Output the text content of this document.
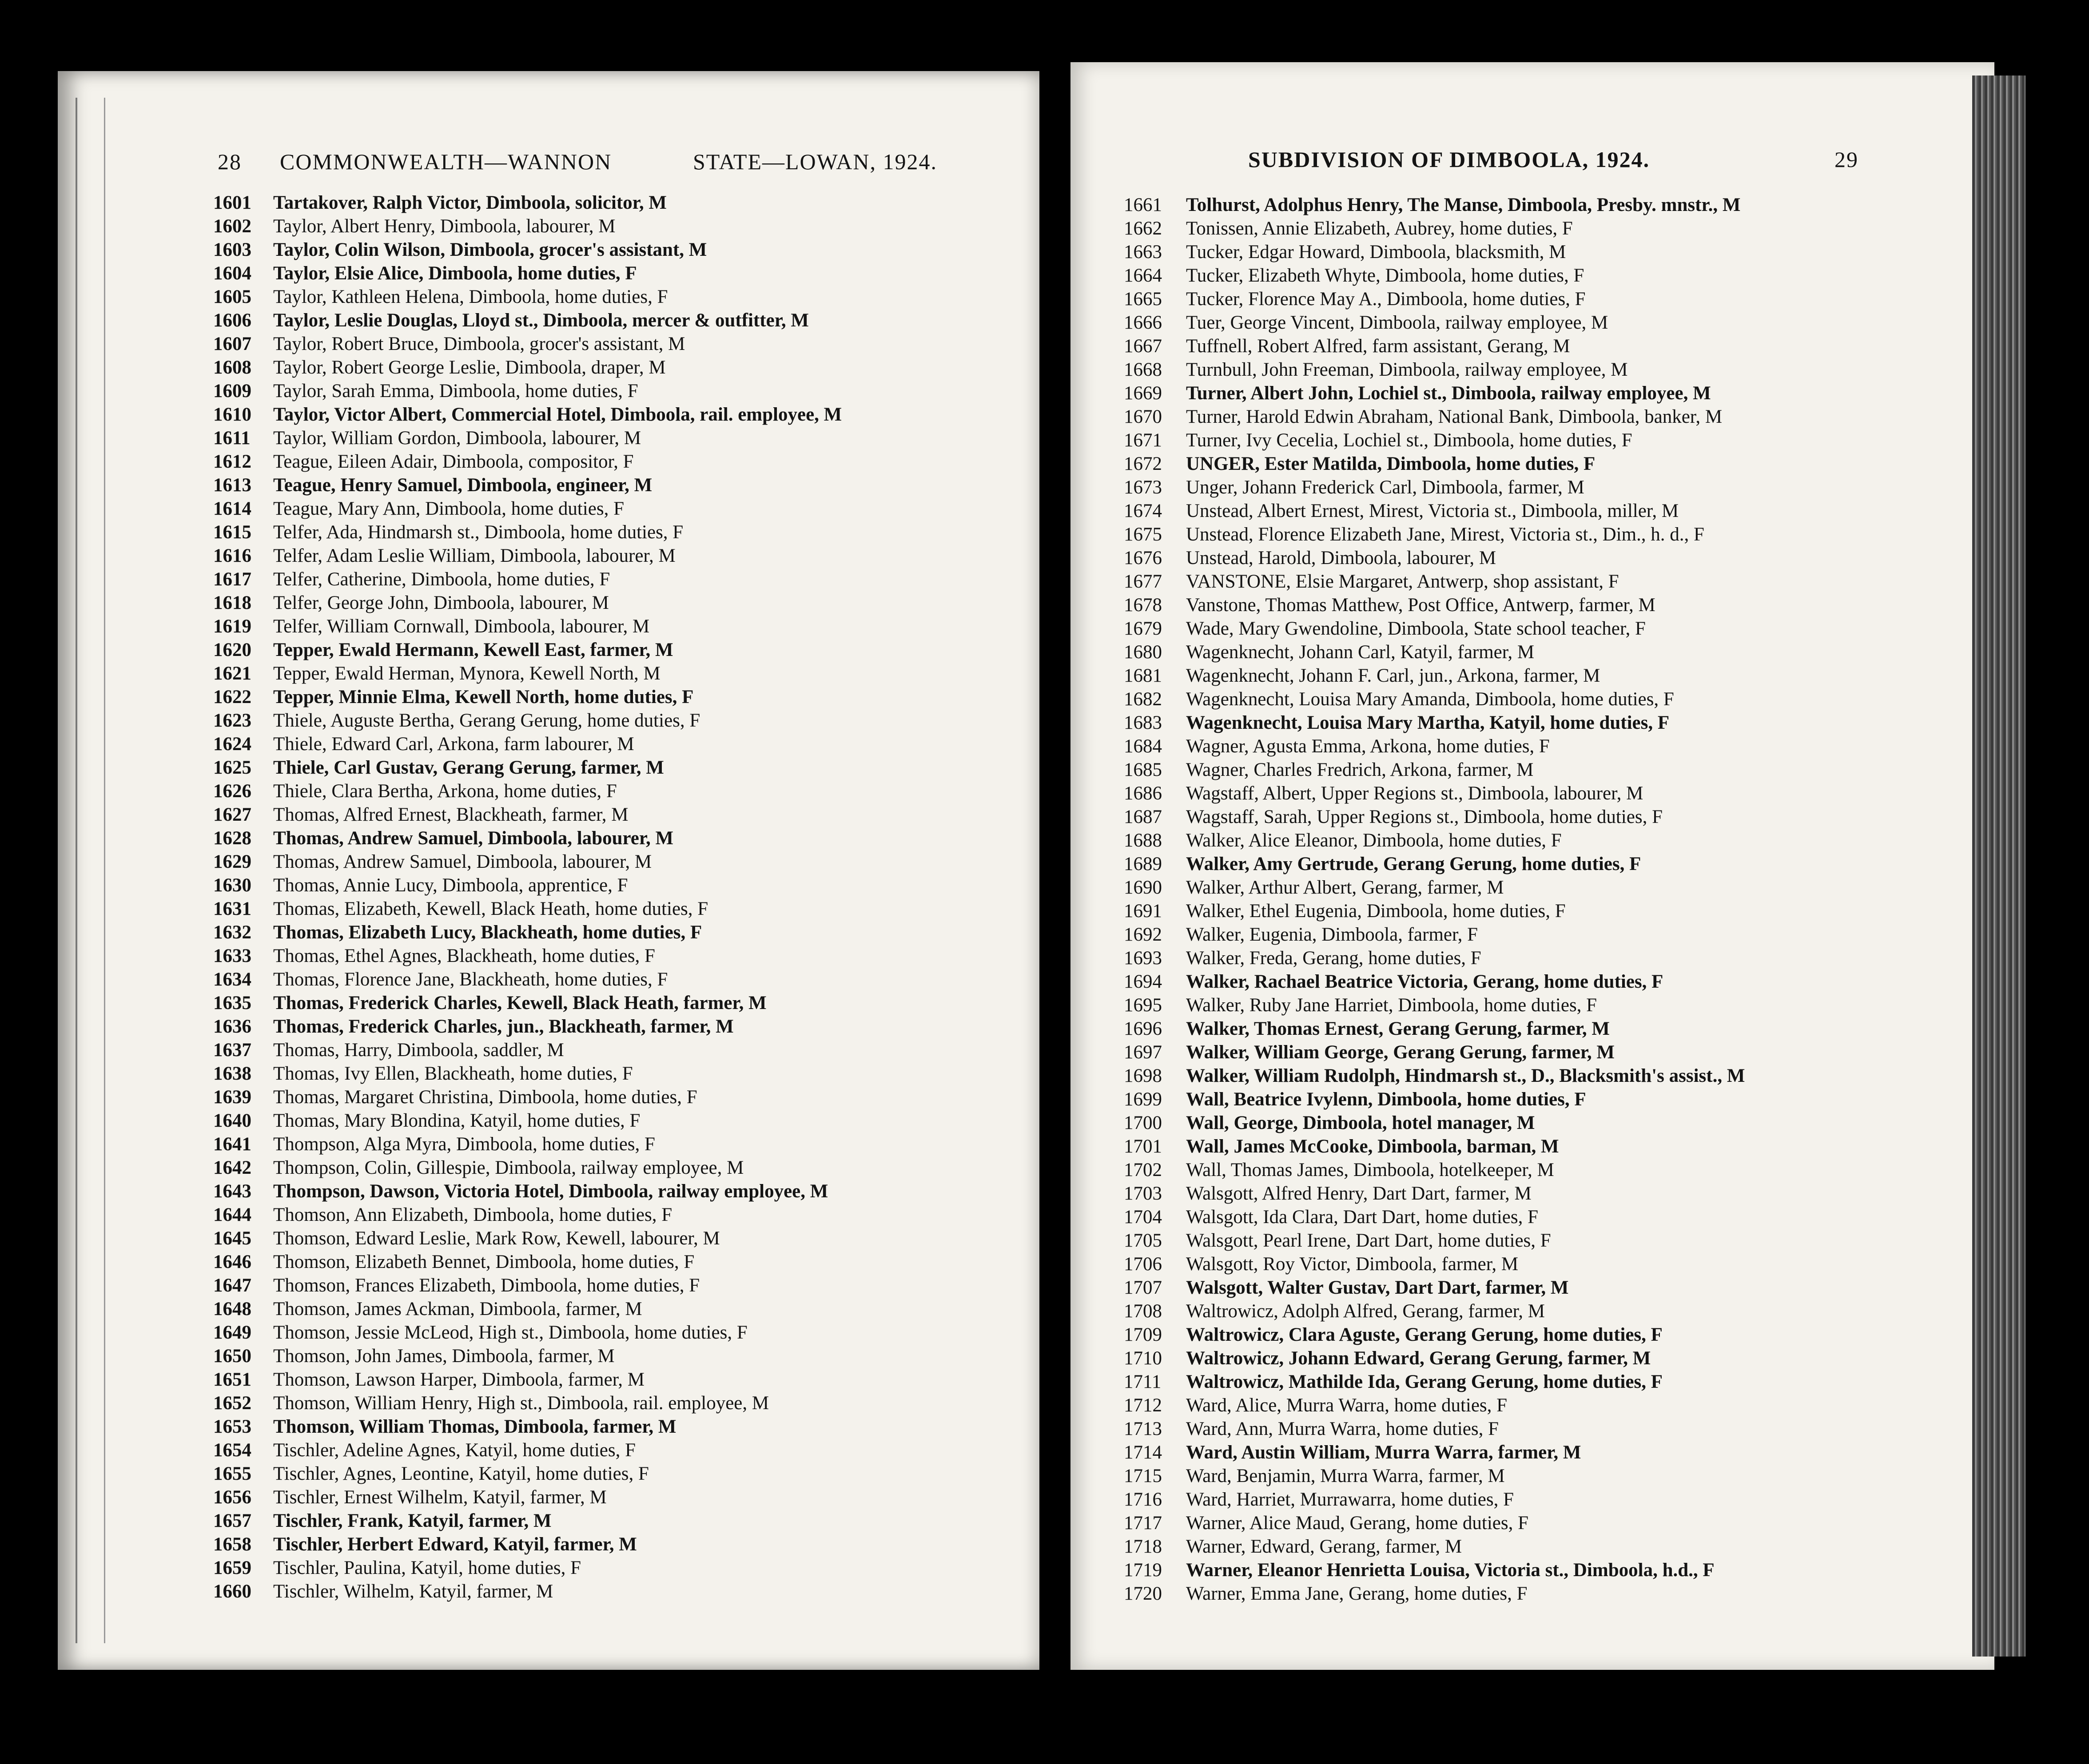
28 COMMONWEALTH—WANNON	STATE—LOWAN, 1924.
1601 Tartakover, Ralph Victor, Dimboola, solicitor, M
1602 Taylor, Albert Henry, Dimboola, labourer, M
1603 Taylor, Colin Wilson, Dimboola, grocer's assistant, M
1604 Taylor, Elsie Alice, Dimboola, home duties, F
1605 Taylor, Kathleen Helena, Dimboola, home duties, F
1606 Taylor, Leslie Douglas, Lloyd st., Dimboola, mercer & outfitter, M
1607 Taylor, Robert Bruce, Dimboola, grocer's assistant, M
1608 Taylor, Robert George Leslie, Dimboola, draper, M
1609 Taylor, Sarah Emma, Dimboola, home duties, F
1610 Taylor, Victor Albert, Commercial Hotel, Dimboola, rail. employee, M
1611 Taylor, William Gordon, Dimboola, labourer, M
1612 Teague, Eileen Adair, Dimboola, compositor, F
1613 Teague, Henry Samuel, Dimboola, engineer, M
1614 Teague, Mary Ann, Dimboola, home duties, F
1615 Telfer, Ada, Hindmarsh st., Dimboola, home duties, F
1616 Telfer, Adam Leslie William, Dimboola, labourer, M
1617 Telfer, Catherine, Dimboola, home duties, F
1618 Telfer, George John, Dimboola, labourer, M
1619 Telfer, William Cornwall, Dimboola, labourer, M
1620 Tepper, Ewald Hermann, Kewell East, farmer, M
1621 Tepper, Ewald Herman, Mynora, Kewell North, M
1622 Tepper, Minnie Elma, Kewell North, home duties, F
1623 Thiele, Auguste Bertha, Gerang Gerung, home duties, F
1624 Thiele, Edward Carl, Arkona, farm labourer, M
1625 Thiele, Carl Gustav, Gerang Gerung, farmer, M
1626 Thiele, Clara Bertha, Arkona, home duties, F
1627 Thomas, Alfred Ernest, Blackheath, farmer, M
1628 Thomas, Andrew Samuel, Dimboola, labourer, M
1629 Thomas, Andrew Samuel, Dimboola, labourer, M
1630 Thomas, Annie Lucy, Dimboola, apprentice, F
1631 Thomas, Elizabeth, Kewell, Black Heath, home duties, F
1632 Thomas, Elizabeth Lucy, Blackheath, home duties, F
1633 Thomas, Ethel Agnes, Blackheath, home duties, F
1634 Thomas, Florence Jane, Blackheath, home duties, F
1635 Thomas, Frederick Charles, Kewell, Black Heath, farmer, M
1636 Thomas, Frederick Charles, jun., Blackheath, farmer, M
1637 Thomas, Harry, Dimboola, saddler, M
1638 Thomas, Ivy Ellen, Blackheath, home duties, F
1639 Thomas, Margaret Christina, Dimboola, home duties, F
1640 Thomas, Mary Blondina, Katyil, home duties, F
1641 Thompson, Alga Myra, Dimboola, home duties, F
1642 Thompson, Colin, Gillespie, Dimboola, railway employee, M
1643 Thompson, Dawson, Victoria Hotel, Dimboola, railway employee, M
1644 Thomson, Ann Elizabeth, Dimboola, home duties, F
1645 Thomson, Edward Leslie, Mark Row, Kewell, labourer, M
1646 Thomson, Elizabeth Bennet, Dimboola, home duties, F
1647 Thomson, Frances Elizabeth, Dimboola, home duties, F
1648 Thomson, James Ackman, Dimboola, farmer, M
1649 Thomson, Jessie McLeod, High st., Dimboola, home duties, F
1650 Thomson, John James, Dimboola, farmer, M
1651 Thomson, Lawson Harper, Dimboola, farmer, M
1652 Thomson, William Henry, High st., Dimboola, rail. employee, M
1653 Thomson, William Thomas, Dimboola, farmer, M
1654 Tischler, Adeline Agnes, Katyil, home duties, F
1655 Tischler, Agnes, Leontine, Katyil, home duties, F
1656 Tischler, Ernest Wilhelm, Katyil, farmer, M
1657 Tischler, Frank, Katyil, farmer, M
1658 Tischler, Herbert Edward, Katyil, farmer, M
1659 Tischler, Paulina, Katyil, home duties, F
1660 Tischler, Wilhelm, Katyil, farmer, M
SUBDIVISION OF DIMBOOLA, 1924.	29
1661 Tolhurst, Adolphus Henry, The Manse, Dimboola, Presby. mnstr., M
1662 Tonissen, Annie Elizabeth, Aubrey, home duties, F
1663 Tucker, Edgar Howard, Dimboola, blacksmith, M
1664 Tucker, Elizabeth Whyte, Dimboola, home duties, F
1665 Tucker, Florence May A., Dimboola, home duties, F
1666 Tuer, George Vincent, Dimboola, railway employee, M
1667 Tuffnell, Robert Alfred, farm assistant, Gerang, M
1668 Turnbull, John Freeman, Dimboola, railway employee, M
1669 Turner, Albert John, Lochiel st., Dimboola, railway employee, M
1670 Turner, Harold Edwin Abraham, National Bank, Dimboola, banker, M
1671 Turner, Ivy Cecelia, Lochiel st., Dimboola, home duties, F
1672 UNGER, Ester Matilda, Dimboola, home duties, F
1673 Unger, Johann Frederick Carl, Dimboola, farmer, M
1674 Unstead, Albert Ernest, Mirest, Victoria st., Dimboola, miller, M
1675 Unstead, Florence Elizabeth Jane, Mirest, Victoria st., Dim., h. d., F
1676 Unstead, Harold, Dimboola, labourer, M
1677 VANSTONE, Elsie Margaret, Antwerp, shop assistant, F
1678 Vanstone, Thomas Matthew, Post Office, Antwerp, farmer, M
1679 Wade, Mary Gwendoline, Dimboola, State school teacher, F
1680 Wagenknecht, Johann Carl, Katyil, farmer, M
1681 Wagenknecht, Johann F. Carl, jun., Arkona, farmer, M
1682 Wagenknecht, Louisa Mary Amanda, Dimboola, home duties, F
1683 Wagenknecht, Louisa Mary Martha, Katyil, home duties, F
1684 Wagner, Agusta Emma, Arkona, home duties, F
1685 Wagner, Charles Fredrich, Arkona, farmer, M
1686 Wagstaff, Albert, Upper Regions st., Dimboola, labourer, M
1687 Wagstaff, Sarah, Upper Regions st., Dimboola, home duties, F
1688 Walker, Alice Eleanor, Dimboola, home duties, F
1689 Walker, Amy Gertrude, Gerang Gerung, home duties, F
1690 Walker, Arthur Albert, Gerang, farmer, M
1691 Walker, Ethel Eugenia, Dimboola, home duties, F
1692 Walker, Eugenia, Dimboola, farmer, F
1693 Walker, Freda, Gerang, home duties, F
1694 Walker, Rachael Beatrice Victoria, Gerang, home duties, F
1695 Walker, Ruby Jane Harriet, Dimboola, home duties, F
1696 Walker, Thomas Ernest, Gerang Gerung, farmer, M
1697 Walker, William George, Gerang Gerung, farmer, M
1698 Walker, William Rudolph, Hindmarsh st., D., Blacksmith's assist., M
1699 Wall, Beatrice Ivylenn, Dimboola, home duties, F
1700 Wall, George, Dimboola, hotel manager, M
1701 Wall, James McCooke, Dimboola, barman, M
1702 Wall, Thomas James, Dimboola, hotelkeeper, M
1703 Walsgott, Alfred Henry, Dart Dart, farmer, M
1704 Walsgott, Ida Clara, Dart Dart, home duties, F
1705 Walsgott, Pearl Irene, Dart Dart, home duties, F
1706 Walsgott, Roy Victor, Dimboola, farmer, M
1707 Walsgott, Walter Gustav, Dart Dart, farmer, M
1708 Waltrowicz, Adolph Alfred, Gerang, farmer, M
1709 Waltrowicz, Clara Aguste, Gerang Gerung, home duties, F
1710 Waltrowicz, Johann Edward, Gerang Gerung, farmer, M
1711 Waltrowicz, Mathilde Ida, Gerang Gerung, home duties, F
1712 Ward, Alice, Murra Warra, home duties, F
1713 Ward, Ann, Murra Warra, home duties, F
1714 Ward, Austin William, Murra Warra, farmer, M
1715 Ward, Benjamin, Murra Warra, farmer, M
1716 Ward, Harriet, Murrawarra, home duties, F
1717 Warner, Alice Maud, Gerang, home duties, F
1718 Warner, Edward, Gerang, farmer, M
1719 Warner, Eleanor Henrietta Louisa, Victoria st., Dimboola, h.d., F
1720 Warner, Emma Jane, Gerang, home duties, F
